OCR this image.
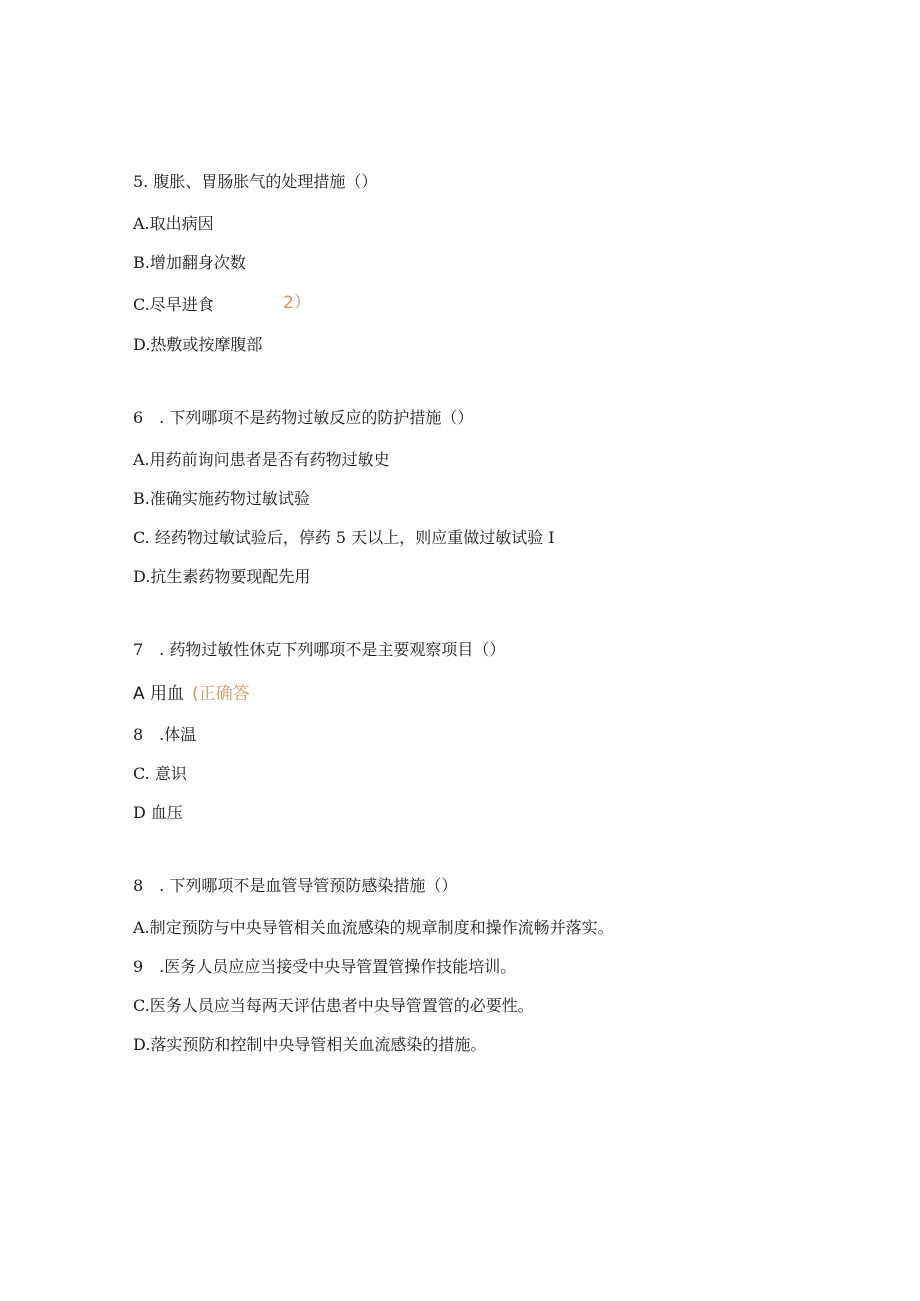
5. 腹胀、胃肠胀气的处理措施（）
A.取出病因
B.增加翻身次数
C.尽早进食	2）
D.热敷或按摩腹部
6　. 下列哪项不是药物过敏反应的防护措施（）
A.用药前询问患者是否有药物过敏史
B.准确实施药物过敏试验
C. 经药物过敏试验后，停药 5 天以上，则应重做过敏试验 I
D.抗生素药物要现配先用
7　. 药物过敏性休克下列哪项不是主要观察项目（）
A 用血 (正确答
8　.体温
C. 意识
D 血压
8　. 下列哪项不是血管导管预防感染措施（）
A.制定预防与中央导管相关血流感染的规章制度和操作流畅并落实。
9　.医务人员应应当接受中央导管置管操作技能培训。
C.医务人员应当每两天评估患者中央导管置管的必要性。
D.落实预防和控制中央导管相关血流感染的措施。
